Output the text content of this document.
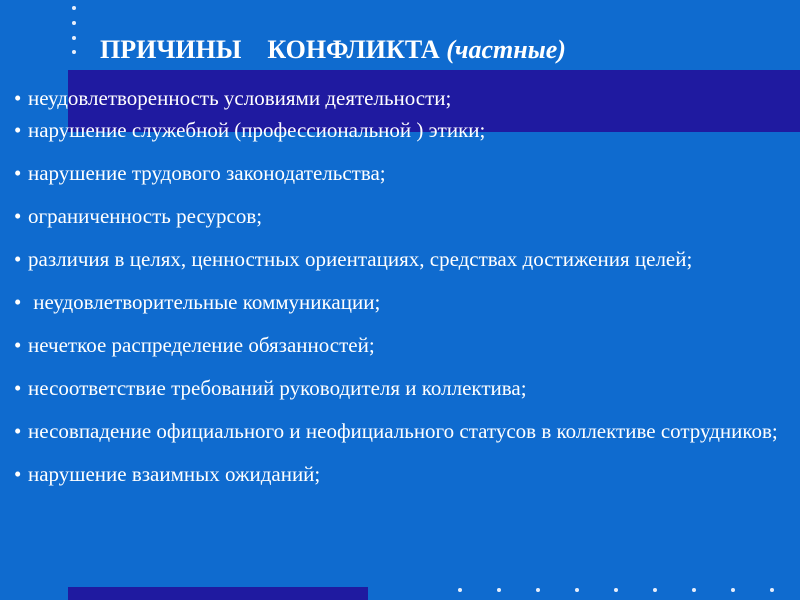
ПРИЧИНЫ    КОНФЛИКТА (частные)
• неудовлетворенность условиями деятельности;
• нарушение служебной (профессиональной ) этики;
• нарушение трудового законодательства;
• ограниченность ресурсов;
• различия в целях, ценностных ориентациях, средствах достижения целей;
• неудовлетворительные коммуникации;
• нечеткое распределение обязанностей;
• несоответствие требований руководителя и коллектива;
• несовпадение официального и неофициального статусов в коллективе сотрудников;
• нарушение взаимных ожиданий;
